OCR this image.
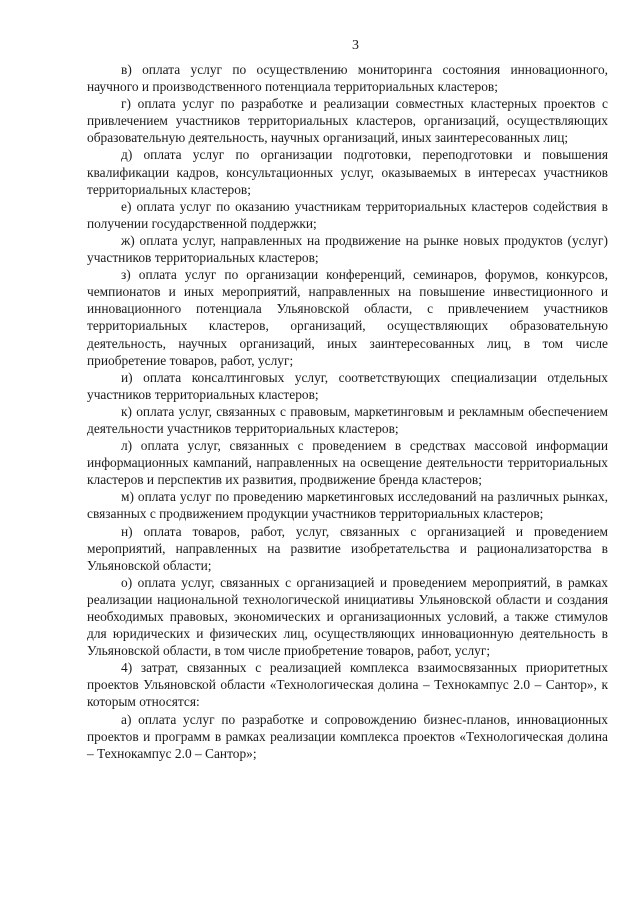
3

в) оплата услуг по осуществлению мониторинга состояния инновационного, научного и производственного потенциала территориальных кластеров;

г) оплата услуг по разработке и реализации совместных кластерных проектов с привлечением участников территориальных кластеров, организаций, осуществляющих образовательную деятельность, научных организаций, иных заинтересованных лиц;

д) оплата услуг по организации подготовки, переподготовки и повышения квалификации кадров, консультационных услуг, оказываемых в интересах участников территориальных кластеров;

е) оплата услуг по оказанию участникам территориальных кластеров содействия в получении государственной поддержки;

ж) оплата услуг, направленных на продвижение на рынке новых продуктов (услуг) участников территориальных кластеров;

з) оплата услуг по организации конференций, семинаров, форумов, конкурсов, чемпионатов и иных мероприятий, направленных на повышение инвестиционного и инновационного потенциала Ульяновской области, с привлечением участников территориальных кластеров, организаций, осуществляющих образовательную деятельность, научных организаций, иных заинтересованных лиц, в том числе приобретение товаров, работ, услуг;

и) оплата консалтинговых услуг, соответствующих специализации отдельных участников территориальных кластеров;

к) оплата услуг, связанных с правовым, маркетинговым и рекламным обеспечением деятельности участников территориальных кластеров;

л) оплата услуг, связанных с проведением в средствах массовой информации информационных кампаний, направленных на освещение деятельности территориальных кластеров и перспектив их развития, продвижение бренда кластеров;

м) оплата услуг по проведению маркетинговых исследований на различных рынках, связанных с продвижением продукции участников территориальных кластеров;

н) оплата товаров, работ, услуг, связанных с организацией и проведением мероприятий, направленных на развитие изобретательства и рационализаторства в Ульяновской области;

о) оплата услуг, связанных с организацией и проведением мероприятий, в рамках реализации национальной технологической инициативы Ульяновской области и создания необходимых правовых, экономических и организационных условий, а также стимулов для юридических и физических лиц, осуществляющих инновационную деятельность в Ульяновской области, в том числе приобретение товаров, работ, услуг;

4) затрат, связанных с реализацией комплекса взаимосвязанных приоритетных проектов Ульяновской области «Технологическая долина – Технокампус 2.0 – Сантор», к которым относятся:

а) оплата услуг по разработке и сопровождению бизнес-планов, инновационных проектов и программ в рамках реализации комплекса проектов «Технологическая долина – Технокампус 2.0 – Сантор»;
